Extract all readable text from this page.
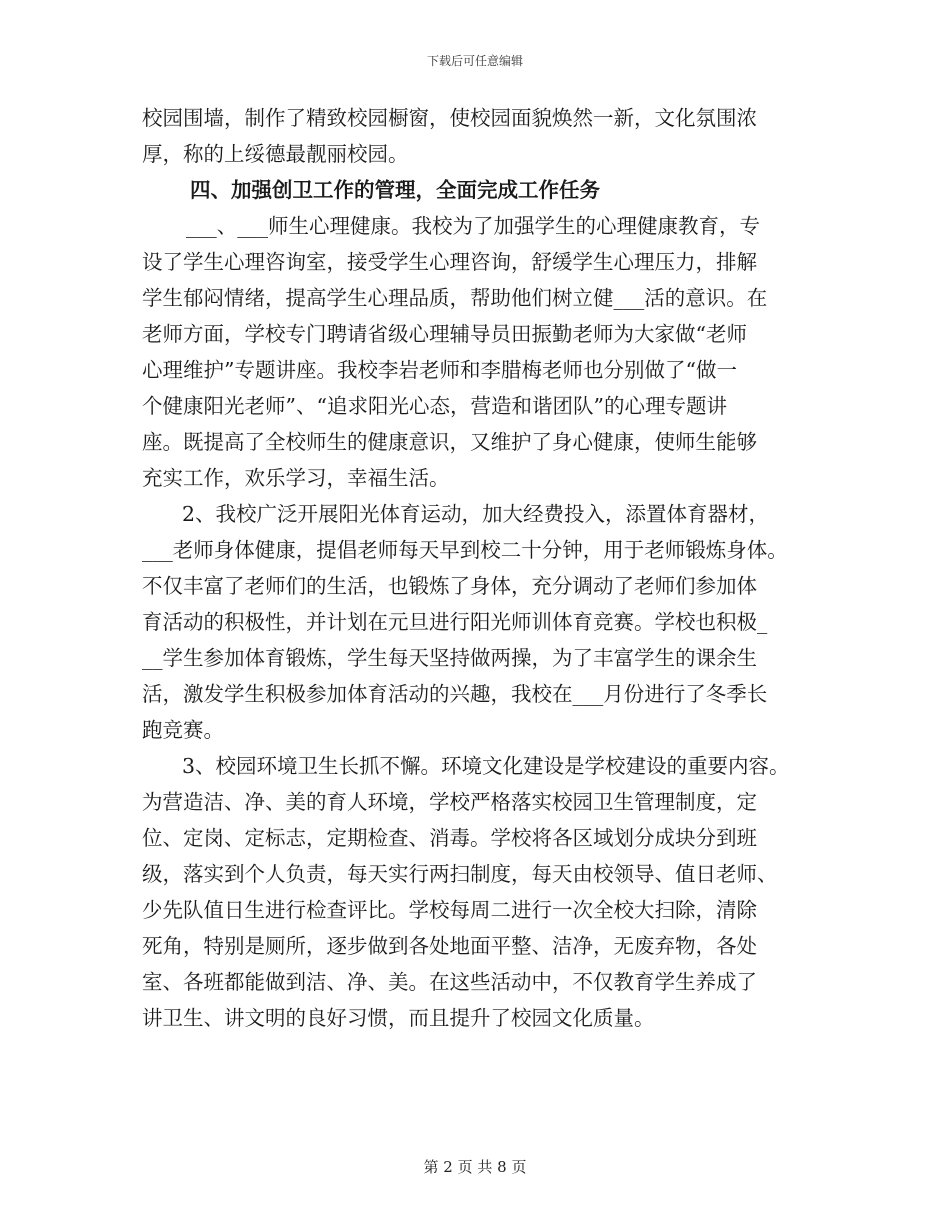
下载后可任意编辑
校园围墙，制作了精致校园橱窗，使校园面貌焕然一新，文化氛围浓
厚，称的上绥德最靓丽校园。
四、加强创卫工作的管理，全面完成工作任务
___、___师生心理健康。我校为了加强学生的心理健康教育，专
设了学生心理咨询室，接受学生心理咨询，舒缓学生心理压力，排解
学生郁闷情绪，提高学生心理品质，帮助他们树立健___活的意识。在
老师方面，学校专门聘请省级心理辅导员田振勤老师为大家做“老师
心理维护”专题讲座。我校李岩老师和李腊梅老师也分别做了“做一
个健康阳光老师”、“追求阳光心态，营造和谐团队”的心理专题讲
座。既提高了全校师生的健康意识，又维护了身心健康，使师生能够
充实工作，欢乐学习，幸福生活。
2、我校广泛开展阳光体育运动，加大经费投入，添置体育器材，
___老师身体健康，提倡老师每天早到校二十分钟，用于老师锻炼身体。
不仅丰富了老师们的生活，也锻炼了身体，充分调动了老师们参加体
育活动的积极性，并计划在元旦进行阳光师训体育竞赛。学校也积极_
__学生参加体育锻炼，学生每天坚持做两操，为了丰富学生的课余生
活，激发学生积极参加体育活动的兴趣，我校在___月份进行了冬季长
跑竞赛。
3、校园环境卫生长抓不懈。环境文化建设是学校建设的重要内容。
为营造洁、净、美的育人环境，学校严格落实校园卫生管理制度，定
位、定岗、定标志，定期检查、消毒。学校将各区域划分成块分到班
级，落实到个人负责，每天实行两扫制度，每天由校领导、值日老师、
少先队值日生进行检查评比。学校每周二进行一次全校大扫除，清除
死角，特别是厕所，逐步做到各处地面平整、洁净，无废弃物，各处
室、各班都能做到洁、净、美。在这些活动中，不仅教育学生养成了
讲卫生、讲文明的良好习惯，而且提升了校园文化质量。
第 2 页 共 8 页
